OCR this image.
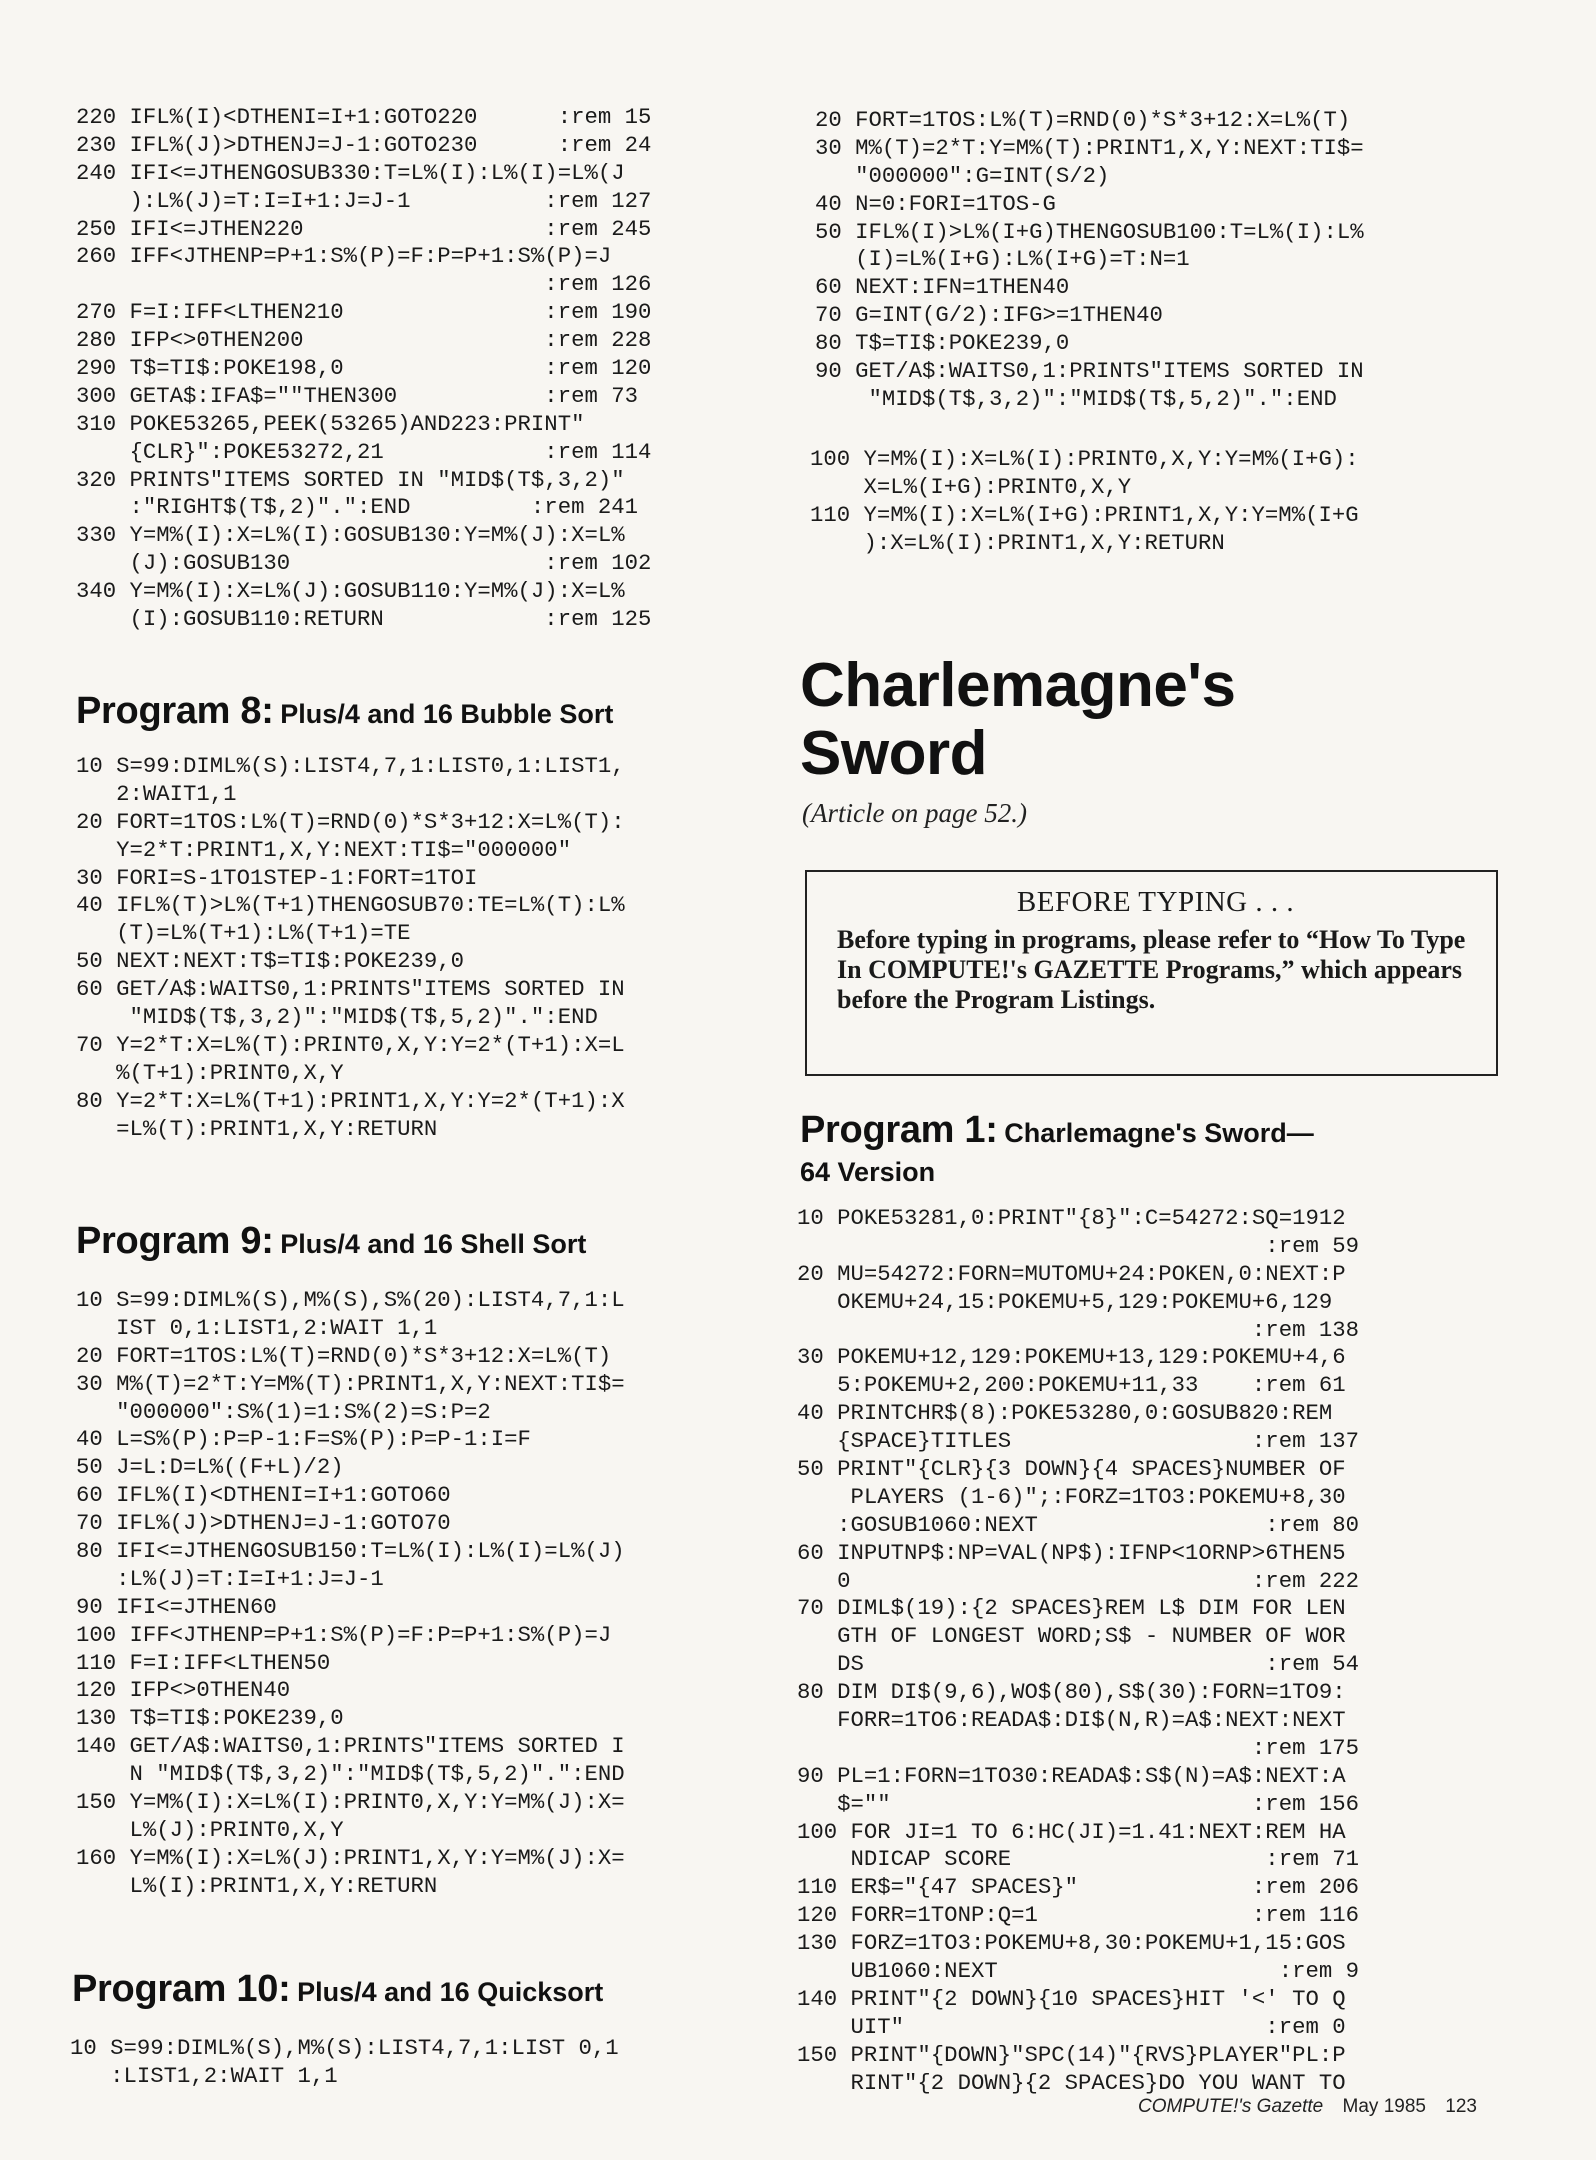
220 IFL%(I)<DTHENI=I+1:GOTO220      :rem 15
230 IFL%(J)>DTHENJ=J-1:GOTO230      :rem 24
240 IFI<=JTHENGOSUB330:T=L%(I):L%(I)=L%(J
):L%(J)=T:I=I+1:J=J-1          :rem 127
250 IFI<=JTHEN220                  :rem 245
260 IFF<JTHENP=P+1:S%(P)=F:P=P+1:S%(P)=J
:rem 126
270 F=I:IFF<LTHEN210               :rem 190
280 IFP<>0THEN200                  :rem 228
290 T$=TI$:POKE198,0               :rem 120
300 GETA$:IFA$=""THEN300           :rem 73
310 POKE53265,PEEK(53265)AND223:PRINT"
{CLR}":POKE53272,21            :rem 114
320 PRINTS"ITEMS SORTED IN "MID$(T$,3,2)"
:"RIGHT$(T$,2)".":END         :rem 241
330 Y=M%(I):X=L%(I):GOSUB130:Y=M%(J):X=L%
(J):GOSUB130                   :rem 102
340 Y=M%(I):X=L%(J):GOSUB110:Y=M%(J):X=L%
(I):GOSUB110:RETURN            :rem 125
Program 8: Plus/4 and 16 Bubble Sort
10 S=99:DIML%(S):LIST4,7,1:LIST0,1:LIST1,
2:WAIT1,1
20 FORT=1TOS:L%(T)=RND(0)*S*3+12:X=L%(T):
Y=2*T:PRINT1,X,Y:NEXT:TI$="000000"
30 FORI=S-1TO1STEP-1:FORT=1TOI
40 IFL%(T)>L%(T+1)THENGOSUB70:TE=L%(T):L%
(T)=L%(T+1):L%(T+1)=TE
50 NEXT:NEXT:T$=TI$:POKE239,0
60 GET/A$:WAITS0,1:PRINTS"ITEMS SORTED IN
"MID$(T$,3,2)":"MID$(T$,5,2)".":END
70 Y=2*T:X=L%(T):PRINT0,X,Y:Y=2*(T+1):X=L
%(T+1):PRINT0,X,Y
80 Y=2*T:X=L%(T+1):PRINT1,X,Y:Y=2*(T+1):X
=L%(T):PRINT1,X,Y:RETURN
Program 9: Plus/4 and 16 Shell Sort
10 S=99:DIML%(S),M%(S),S%(20):LIST4,7,1:L
IST 0,1:LIST1,2:WAIT 1,1
20 FORT=1TOS:L%(T)=RND(0)*S*3+12:X=L%(T)
30 M%(T)=2*T:Y=M%(T):PRINT1,X,Y:NEXT:TI$=
"000000":S%(1)=1:S%(2)=S:P=2
40 L=S%(P):P=P-1:F=S%(P):P=P-1:I=F
50 J=L:D=L%((F+L)/2)
60 IFL%(I)<DTHENI=I+1:GOTO60
70 IFL%(J)>DTHENJ=J-1:GOTO70
80 IFI<=JTHENGOSUB150:T=L%(I):L%(I)=L%(J)
:L%(J)=T:I=I+1:J=J-1
90 IFI<=JTHEN60
100 IFF<JTHENP=P+1:S%(P)=F:P=P+1:S%(P)=J
110 F=I:IFF<LTHEN50
120 IFP<>0THEN40
130 T$=TI$:POKE239,0
140 GET/A$:WAITS0,1:PRINTS"ITEMS SORTED I
N "MID$(T$,3,2)":"MID$(T$,5,2)".":END
150 Y=M%(I):X=L%(I):PRINT0,X,Y:Y=M%(J):X=
L%(J):PRINT0,X,Y
160 Y=M%(I):X=L%(J):PRINT1,X,Y:Y=M%(J):X=
L%(I):PRINT1,X,Y:RETURN
Program 10: Plus/4 and 16 Quicksort
10 S=99:DIML%(S),M%(S):LIST4,7,1:LIST 0,1
:LIST1,2:WAIT 1,1
20 FORT=1TOS:L%(T)=RND(0)*S*3+12:X=L%(T)
30 M%(T)=2*T:Y=M%(T):PRINT1,X,Y:NEXT:TI$=
"000000":G=INT(S/2)
40 N=0:FORI=1TOS-G
50 IFL%(I)>L%(I+G)THENGOSUB100:T=L%(I):L%
(I)=L%(I+G):L%(I+G)=T:N=1
60 NEXT:IFN=1THEN40
70 G=INT(G/2):IFG>=1THEN40
80 T$=TI$:POKE239,0
90 GET/A$:WAITS0,1:PRINTS"ITEMS SORTED IN
"MID$(T$,3,2)":"MID$(T$,5,2)".":END
100 Y=M%(I):X=L%(I):PRINT0,X,Y:Y=M%(I+G):
X=L%(I+G):PRINT0,X,Y
110 Y=M%(I):X=L%(I+G):PRINT1,X,Y:Y=M%(I+G
):X=L%(I):PRINT1,X,Y:RETURN
Charlemagne's
Sword

(Article on page 52.)

BEFORE TYPING . . .

Before typing in programs, please refer to “How To Type In COMPUTE!'s GAZETTE Programs,” which appears before the Program Listings.

Program 1: Charlemagne's Sword—
64 Version
10 POKE53281,0:PRINT"{8}":C=54272:SQ=1912
:rem 59
20 MU=54272:FORN=MUTOMU+24:POKEN,0:NEXT:P
OKEMU+24,15:POKEMU+5,129:POKEMU+6,129
:rem 138
30 POKEMU+12,129:POKEMU+13,129:POKEMU+4,6
5:POKEMU+2,200:POKEMU+11,33    :rem 61
40 PRINTCHR$(8):POKE53280,0:GOSUB820:REM
{SPACE}TITLES                  :rem 137
50 PRINT"{CLR}{3 DOWN}{4 SPACES}NUMBER OF
PLAYERS (1-6)";:FORZ=1TO3:POKEMU+8,30
:GOSUB1060:NEXT                 :rem 80
60 INPUTNP$:NP=VAL(NP$):IFNP<1ORNP>6THEN5
0                              :rem 222
70 DIML$(19):{2 SPACES}REM L$ DIM FOR LEN
GTH OF LONGEST WORD;S$ - NUMBER OF WOR
DS                              :rem 54
80 DIM DI$(9,6),WO$(80),S$(30):FORN=1TO9:
FORR=1TO6:READA$:DI$(N,R)=A$:NEXT:NEXT
:rem 175
90 PL=1:FORN=1TO30:READA$:S$(N)=A$:NEXT:A
$=""                           :rem 156
100 FOR JI=1 TO 6:HC(JI)=1.41:NEXT:REM HA
NDICAP SCORE                   :rem 71
110 ER$="{47 SPACES}"             :rem 206
120 FORR=1TONP:Q=1                :rem 116
130 FORZ=1TO3:POKEMU+8,30:POKEMU+1,15:GOS
UB1060:NEXT                     :rem 9
140 PRINT"{2 DOWN}{10 SPACES}HIT '<' TO Q
UIT"                           :rem 0
150 PRINT"{DOWN}"SPC(14)"{RVS}PLAYER"PL:P
RINT"{2 DOWN}{2 SPACES}DO YOU WANT TO
COMPUTE!'s Gazette May 1985 123
